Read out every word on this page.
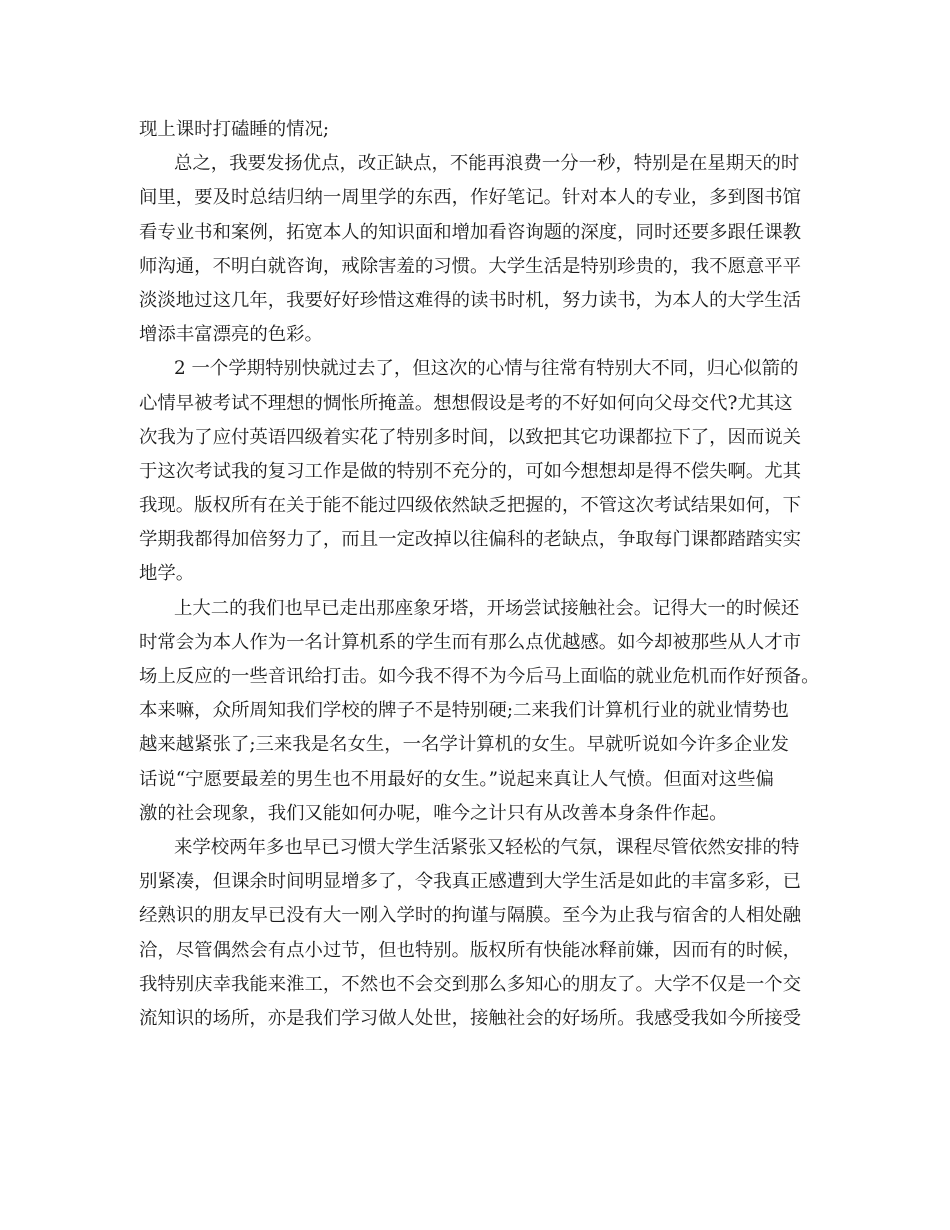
现上课时打磕睡的情况;
总之，我要发扬优点，改正缺点，不能再浪费一分一秒，特别是在星期天的时
间里，要及时总结归纳一周里学的东西，作好笔记。针对本人的专业，多到图书馆
看专业书和案例，拓宽本人的知识面和增加看咨询题的深度，同时还要多跟任课教
师沟通，不明白就咨询，戒除害羞的习惯。大学生活是特别珍贵的，我不愿意平平
淡淡地过这几年，我要好好珍惜这难得的读书时机，努力读书，为本人的大学生活
增添丰富漂亮的色彩。
2 一个学期特别快就过去了，但这次的心情与往常有特别大不同，归心似箭的
心情早被考试不理想的惆怅所掩盖。想想假设是考的不好如何向父母交代?尤其这
次我为了应付英语四级着实花了特别多时间，以致把其它功课都拉下了，因而说关
于这次考试我的复习工作是做的特别不充分的，可如今想想却是得不偿失啊。尤其
我现。版权所有在关于能不能过四级依然缺乏把握的，不管这次考试结果如何，下
学期我都得加倍努力了，而且一定改掉以往偏科的老缺点，争取每门课都踏踏实实
地学。
上大二的我们也早已走出那座象牙塔，开场尝试接触社会。记得大一的时候还
时常会为本人作为一名计算机系的学生而有那么点优越感。如今却被那些从人才市
场上反应的一些音讯给打击。如今我不得不为今后马上面临的就业危机而作好预备。
本来嘛，众所周知我们学校的牌子不是特别硬;二来我们计算机行业的就业情势也
越来越紧张了;三来我是名女生，一名学计算机的女生。早就听说如今许多企业发
话说“宁愿要最差的男生也不用最好的女生。”说起来真让人气愤。但面对这些偏
激的社会现象，我们又能如何办呢，唯今之计只有从改善本身条件作起。
来学校两年多也早已习惯大学生活紧张又轻松的气氛，课程尽管依然安排的特
别紧凑，但课余时间明显增多了，令我真正感遭到大学生活是如此的丰富多彩，已
经熟识的朋友早已没有大一刚入学时的拘谨与隔膜。至今为止我与宿舍的人相处融
洽，尽管偶然会有点小过节，但也特别。版权所有快能冰释前嫌，因而有的时候，
我特别庆幸我能来淮工，不然也不会交到那么多知心的朋友了。大学不仅是一个交
流知识的场所，亦是我们学习做人处世，接触社会的好场所。我感受我如今所接受
